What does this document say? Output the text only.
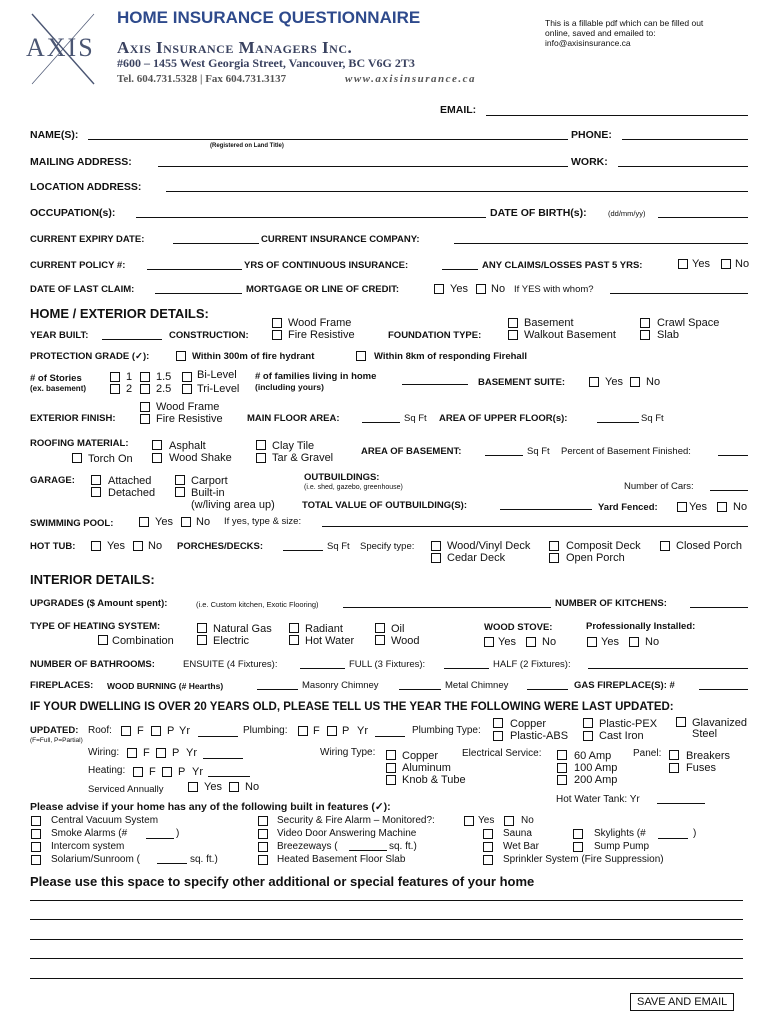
AXIS
HOME INSURANCE QUESTIONNAIRE
Axis Insurance Managers Inc.
#600 – 1455 West Georgia Street, Vancouver, BC V6G 2T3
Tel. 604.731.5328 | Fax 604.731.3137	www.axisinsurance.ca
This is a fillable pdf which can be filled out
online, saved and emailed to:
info@axisinsurance.ca
EMAIL:
NAME(S):
(Registered on Land Title)
PHONE:
MAILING ADDRESS:	WORK:
LOCATION ADDRESS:
OCCUPATION(s):	DATE OF BIRTH(s):	(dd/mm/yy)
CURRENT EXPIRY DATE:	CURRENT INSURANCE COMPANY:
CURRENT POLICY #:	YRS OF CONTINUOUS INSURANCE:	ANY CLAIMS/LOSSES PAST 5 YRS:	Yes No
DATE OF LAST CLAIM:	MORTGAGE OR LINE OF CREDIT:	Yes No If YES with whom?
HOME / EXTERIOR DETAILS:
Wood Frame
Fire Resistive
Basement
Walkout Basement
Crawl Space
Slab
YEAR BUILT:	CONSTRUCTION:	FOUNDATION TYPE:
PROTECTION GRADE (✓):	Within 300m of fire hydrant	Within 8km of responding Firehall
# of Stories
(ex. basement)
1
2
1.5
2.5
Bi-Level
Tri-Level
# of families living in home
(including yours)	BASEMENT SUITE:	Yes No
Wood Frame
Fire Resistive
EXTERIOR FINISH:	MAIN FLOOR AREA:	Sq Ft AREA OF UPPER FLOOR(s):	Sq Ft
ROOFING MATERIAL:	Asphalt	Clay Tile
Torch On	Wood Shake	Tar & Gravel
AREA OF BASEMENT:	Sq Ft Percent of Basement Finished:
GARAGE:	Attached
Detached
Carport
Built-in
(w/living area up)
OUTBUILDINGS:
(i.e. shed, gazebo, greenhouse)	Number of Cars:
TOTAL VALUE OF OUTBUILDING(S):	Yard Fenced:	Yes No
SWIMMING POOL:	Yes No If yes, type & size:
HOT TUB:	Yes No PORCHES/DECKS:	Sq Ft Specify type:	Wood/Vinyl Deck	Composit Deck	Closed Porch
Cedar Deck	Open Porch
INTERIOR DETAILS:
UPGRADES ($ Amount spent):	(i.e. Custom kitchen, Exotic Flooring)	NUMBER OF KITCHENS:
TYPE OF HEATING SYSTEM:	Natural Gas
Combination	Electric
Radiant
Hot Water
Oil
Wood
WOOD STOVE:
Yes No
Professionally Installed:
Yes No
NUMBER OF BATHROOMS:	ENSUITE (4 Fixtures):	FULL (3 Fixtures):	HALF (2 Fixtures):
FIREPLACES: WOOD BURNING (# Hearths)	Masonry Chimney	Metal Chimney	GAS FIREPLACE(S): #
IF YOUR DWELLING IS OVER 20 YEARS OLD, PLEASE TELL US THE YEAR THE FOLLOWING WERE LAST UPDATED:
UPDATED: Roof: F P Yr
(F=Full, P=Partial)
Plumbing: F P Yr	Plumbing Type:
Copper
Plastic-ABS
Plastic-PEX
Cast Iron
Glavanized
Steel
Wiring: F P Yr	Wiring Type: Copper
Aluminum
Knob & Tube
Electrical Service:	60 Amp
100 Amp
200 Amp
Panel: Breakers
Fuses
Heating: F P Yr
Serviced Annually	Yes No
Hot Water Tank: Yr
Please advise if your home has any of the following built in features (✓):
Central Vacuum System
Smoke Alarms (#	)
Intercom system
Solarium/Sunroom (	sq. ft.)
Security & Fire Alarm – Monitored?:	Yes	No
Video Door Answering Machine
Breezeways (	sq. ft.)
Heated Basement Floor Slab
Sauna
Wet Bar
Sprinkler System (Fire Suppression)
Skylights (#	)
Sump Pump
Please use this space to specify other additional or special features of your home
SAVE AND EMAIL
